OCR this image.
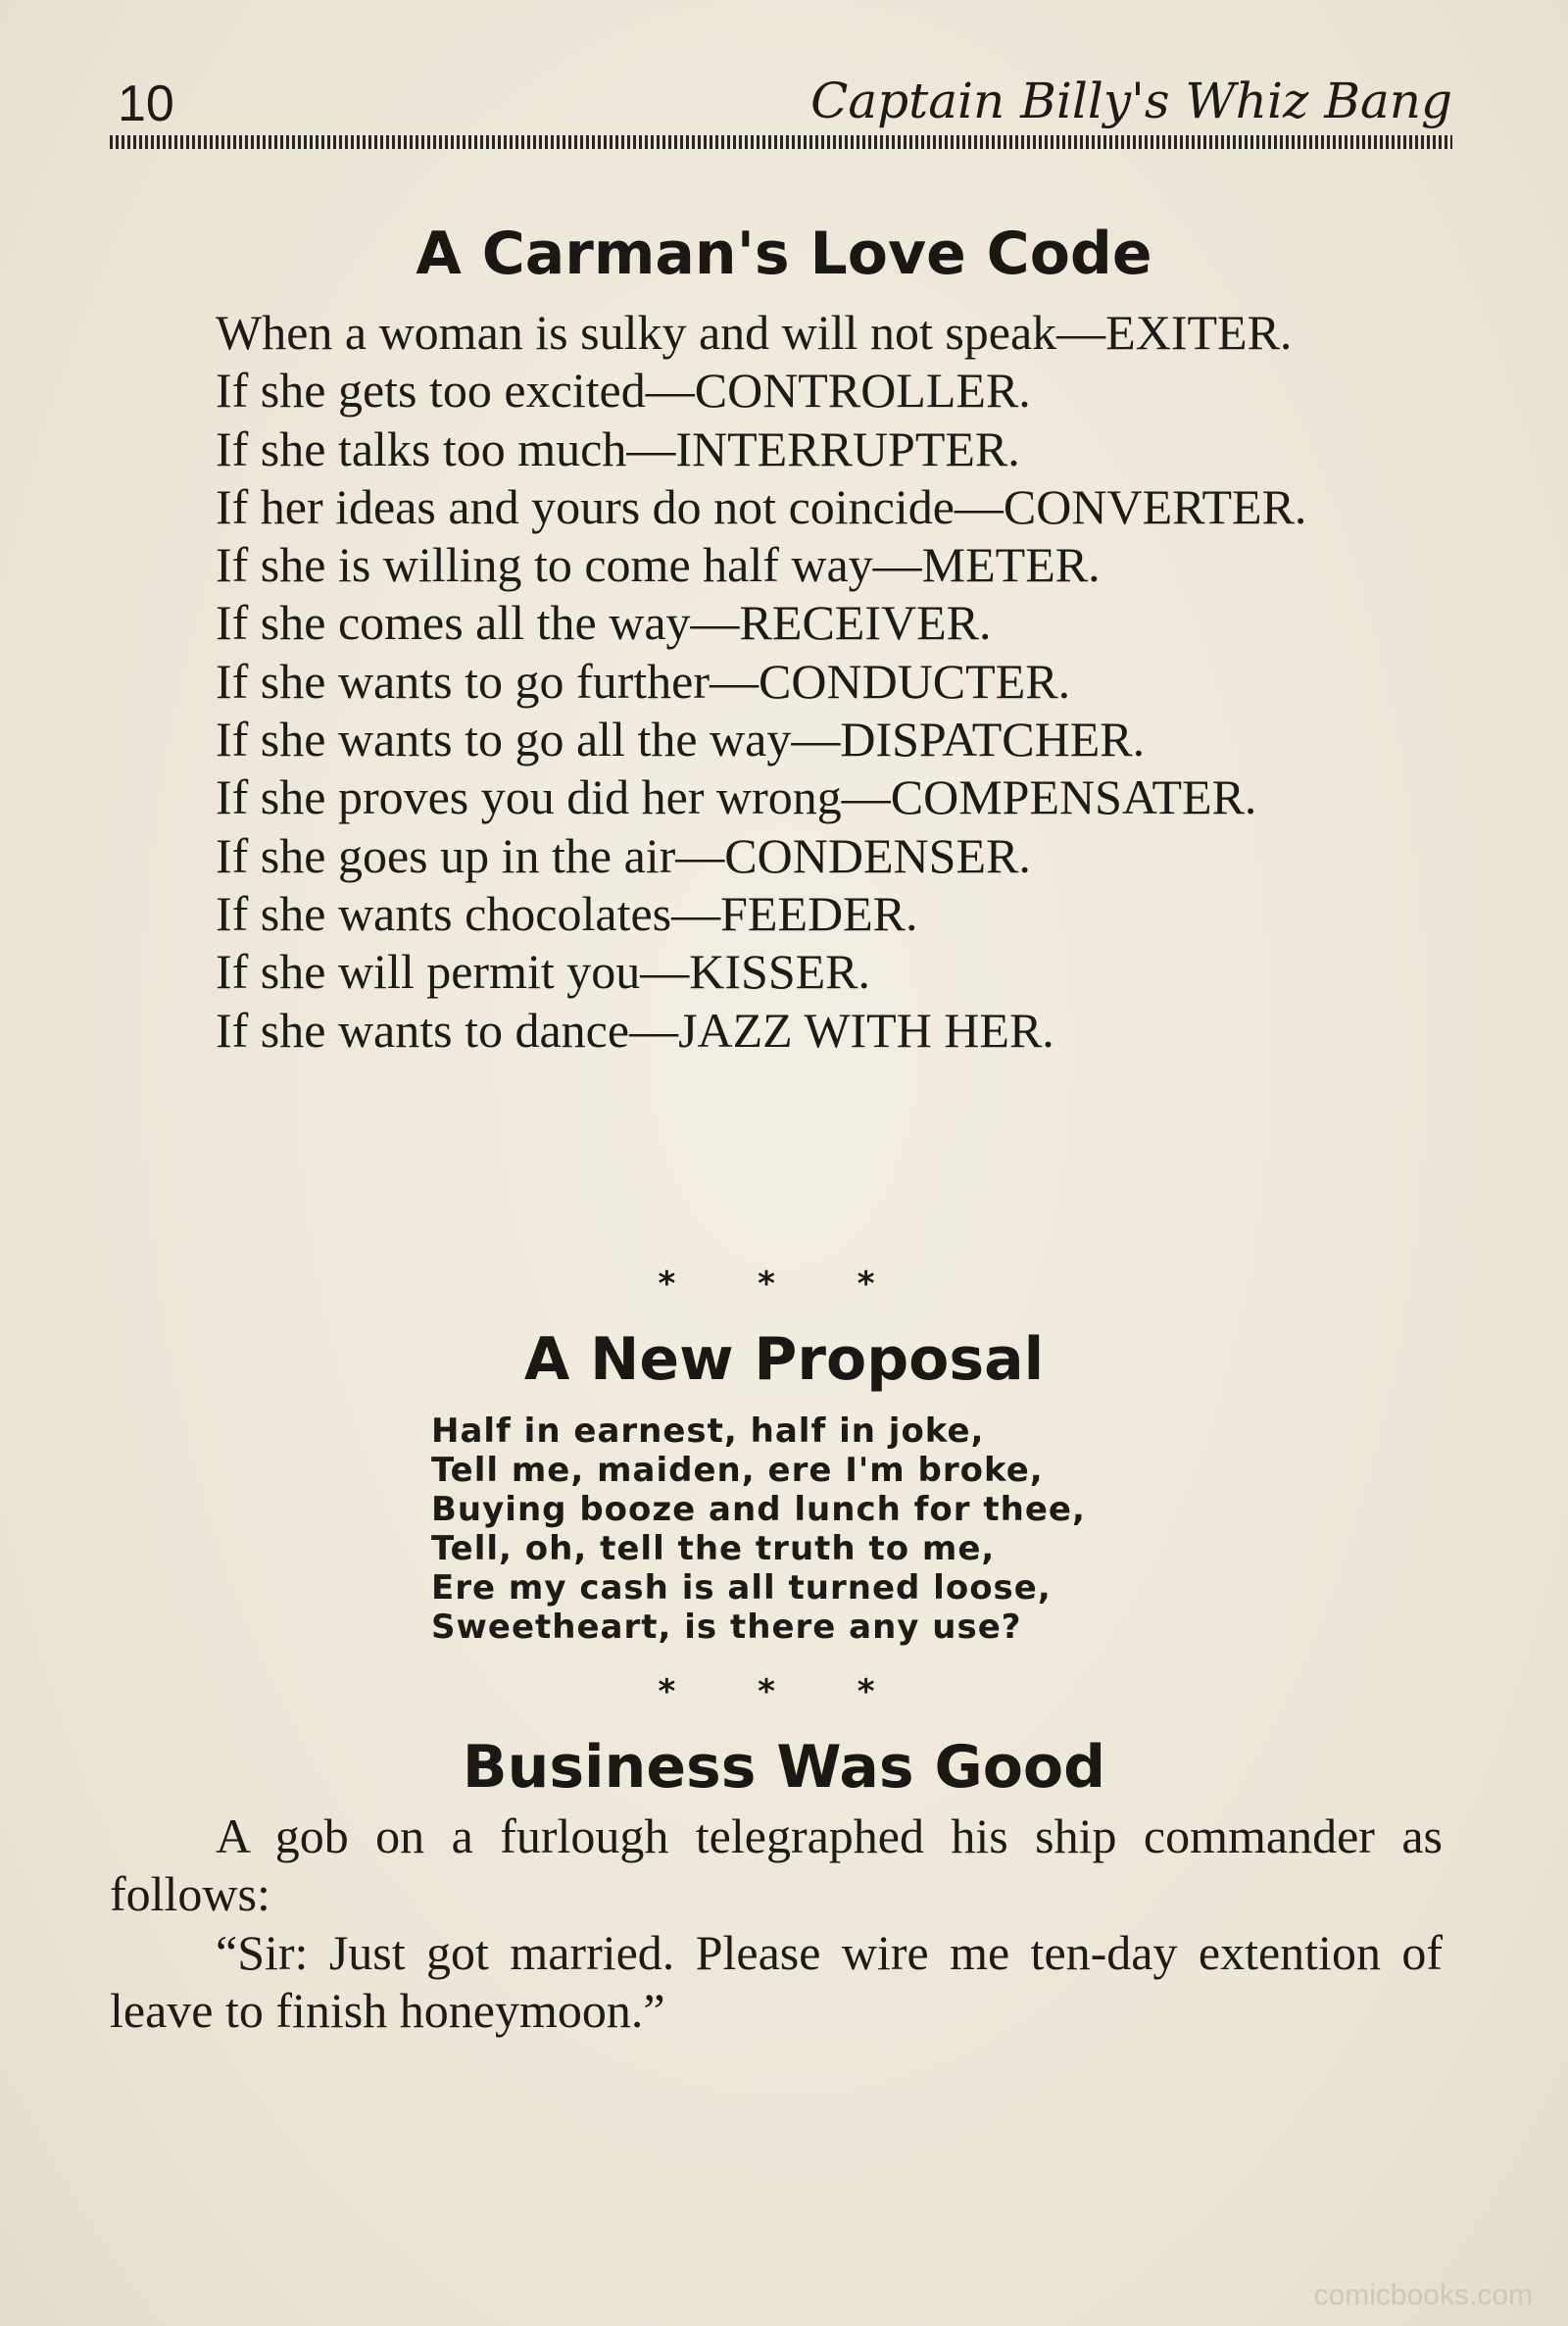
10	Captain Billy's Whiz Bang
A Carman's Love Code

When a woman is sulky and will not speak—EXITER.

If she gets too excited—CONTROLLER.

If she talks too much—INTERRUPTER.

If her ideas and yours do not coincide—CONVERTER.

If she is willing to come half way—METER.

If she comes all the way—RECEIVER.

If she wants to go further—CONDUCTER.

If she wants to go all the way—DISPATCHER.

If she proves you did her wrong—COMPENSATER.

If she goes up in the air—CONDENSER.

If she wants chocolates—FEEDER.

If she will permit you—KISSER.

If she wants to dance—JAZZ WITH HER.

* * *
A New Proposal
Half in earnest, half in joke,
Tell me, maiden, ere I'm broke,
Buying booze and lunch for thee,
Tell, oh, tell the truth to me,
Ere my cash is all turned loose,
Sweetheart, is there any use?
* * *
Business Was Good

A gob on a furlough telegraphed his ship commander as follows:

“Sir: Just got married. Please wire me ten-day extention of leave to finish honeymoon.”

comicbooks.com
